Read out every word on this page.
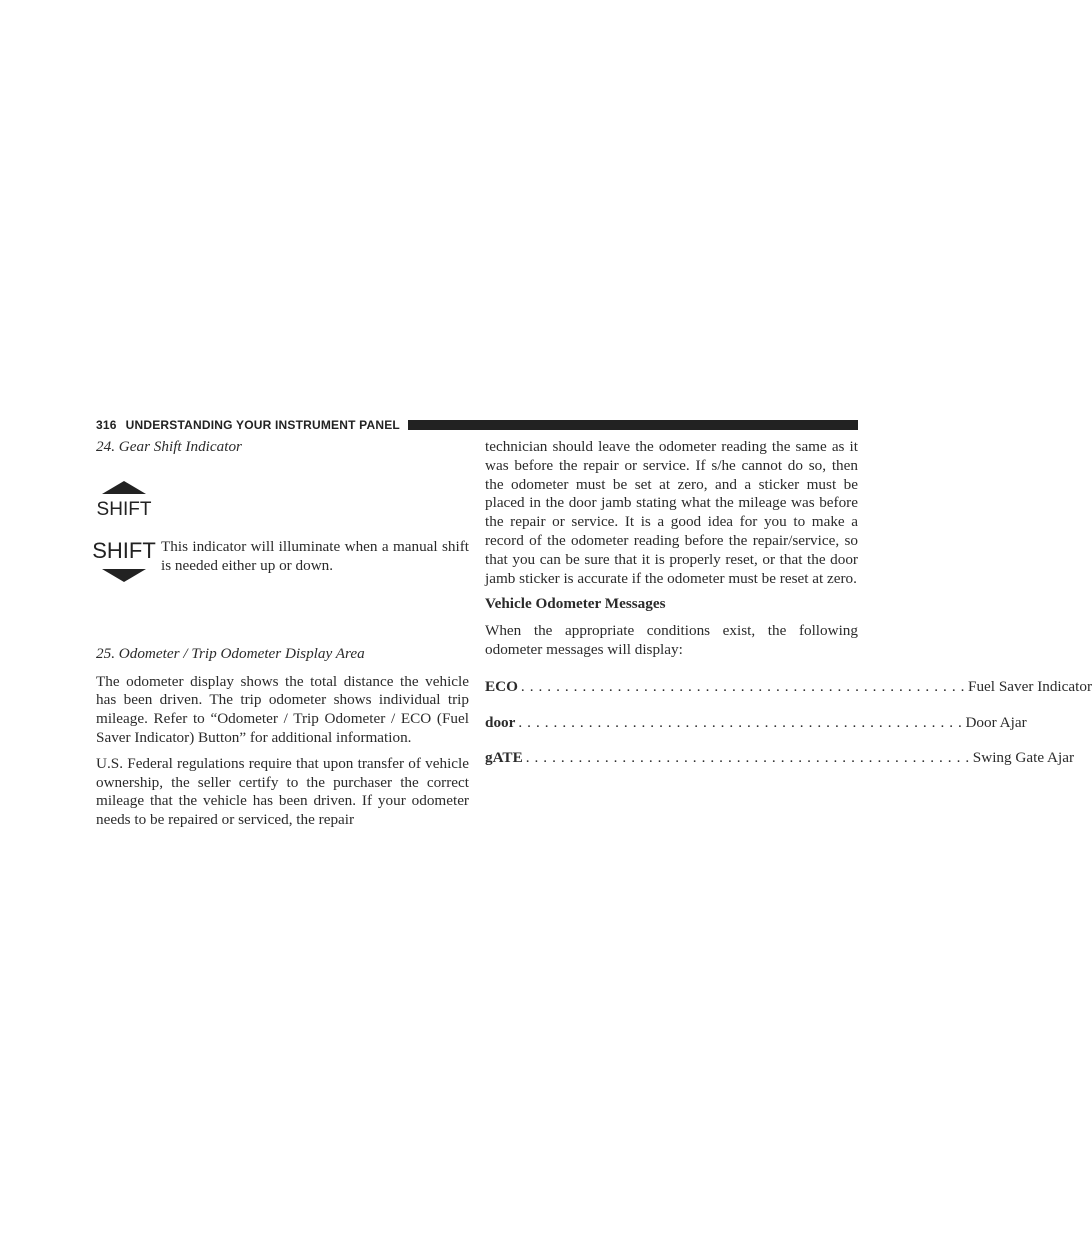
316 UNDERSTANDING YOUR INSTRUMENT PANEL

24. Gear Shift Indicator

SHIFT
SHIFT This indicator will illuminate when a manual shift is needed either up or down.

25. Odometer / Trip Odometer Display Area

The odometer display shows the total distance the vehicle has been driven. The trip odometer shows individual trip mileage. Refer to “Odometer / Trip Odometer / ECO (Fuel Saver Indicator) Button” for additional information.

U.S. Federal regulations require that upon transfer of vehicle ownership, the seller certify to the purchaser the correct mileage that the vehicle has been driven. If your odometer needs to be repaired or serviced, the repair

technician should leave the odometer reading the same as it was before the repair or service. If s/he cannot do so, then the odometer must be set at zero, and a sticker must be placed in the door jamb stating what the mileage was before the repair or service. It is a good idea for you to make a record of the odometer reading before the repair/service, so that you can be sure that it is properly reset, or that the door jamb sticker is accurate if the odometer must be reset at zero.

Vehicle Odometer Messages

When the appropriate conditions exist, the following odometer messages will display:

ECO . . .	Fuel Saver Indicator
door . . .	Door Ajar
gATE . . .	Swing Gate Ajar
